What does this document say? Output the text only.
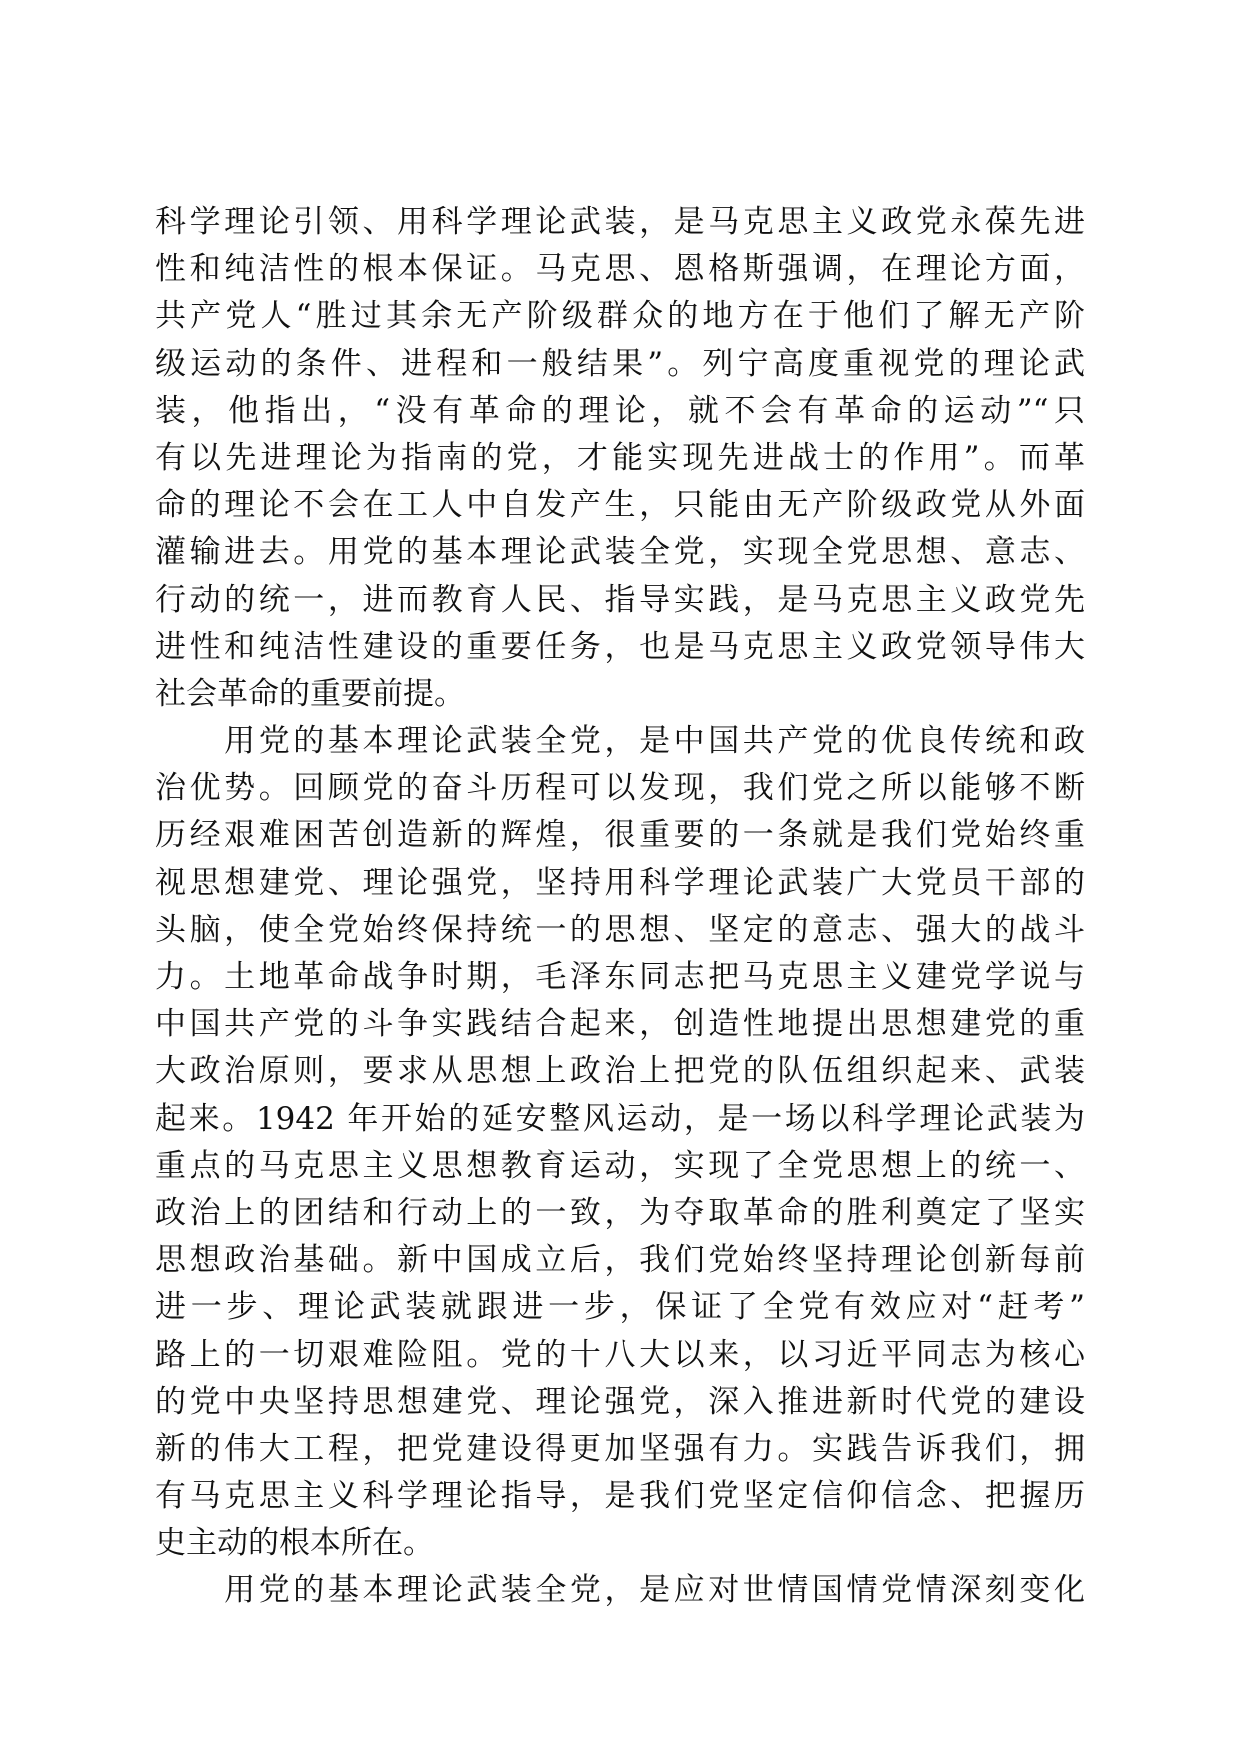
科学理论引领、用科学理论武装，是马克思主义政党永葆先进
性和纯洁性的根本保证。马克思、恩格斯强调，在理论方面，
共产党人“胜过其余无产阶级群众的地方在于他们了解无产阶
级运动的条件、进程和一般结果”。列宁高度重视党的理论武
装，他指出，“没有革命的理论，就不会有革命的运动”“只
有以先进理论为指南的党，才能实现先进战士的作用”。而革
命的理论不会在工人中自发产生，只能由无产阶级政党从外面
灌输进去。用党的基本理论武装全党，实现全党思想、意志、
行动的统一，进而教育人民、指导实践，是马克思主义政党先
进性和纯洁性建设的重要任务，也是马克思主义政党领导伟大
社会革命的重要前提。
　　用党的基本理论武装全党，是中国共产党的优良传统和政
治优势。回顾党的奋斗历程可以发现，我们党之所以能够不断
历经艰难困苦创造新的辉煌，很重要的一条就是我们党始终重
视思想建党、理论强党，坚持用科学理论武装广大党员干部的
头脑，使全党始终保持统一的思想、坚定的意志、强大的战斗
力。土地革命战争时期，毛泽东同志把马克思主义建党学说与
中国共产党的斗争实践结合起来，创造性地提出思想建党的重
大政治原则，要求从思想上政治上把党的队伍组织起来、武装
起来。1942 年开始的延安整风运动，是一场以科学理论武装为
重点的马克思主义思想教育运动，实现了全党思想上的统一、
政治上的团结和行动上的一致，为夺取革命的胜利奠定了坚实
思想政治基础。新中国成立后，我们党始终坚持理论创新每前
进一步、理论武装就跟进一步，保证了全党有效应对“赶考”
路上的一切艰难险阻。党的十八大以来，以习近平同志为核心
的党中央坚持思想建党、理论强党，深入推进新时代党的建设
新的伟大工程，把党建设得更加坚强有力。实践告诉我们，拥
有马克思主义科学理论指导，是我们党坚定信仰信念、把握历
史主动的根本所在。
　　用党的基本理论武装全党，是应对世情国情党情深刻变化
